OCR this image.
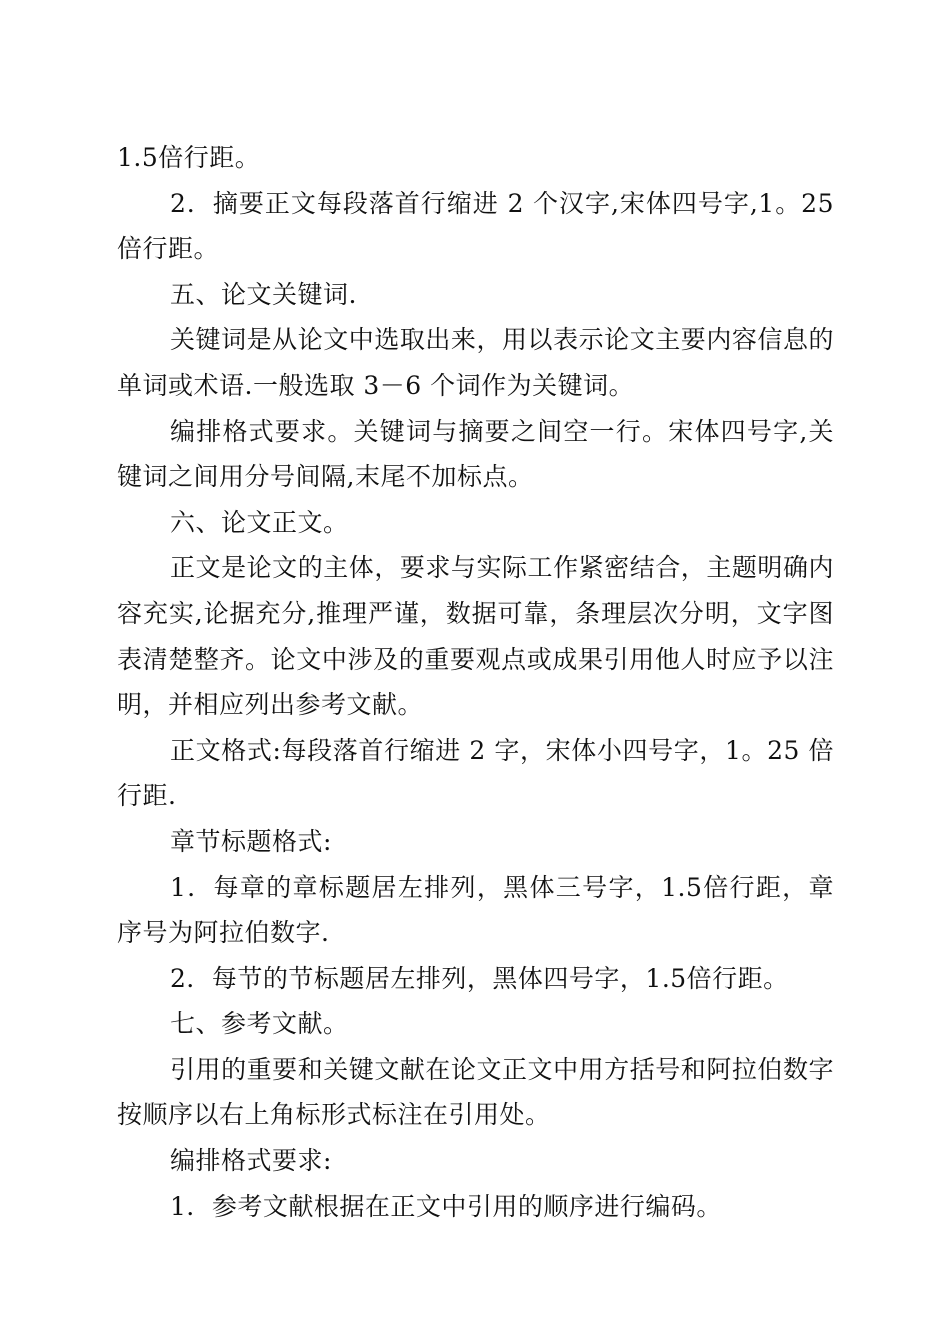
1.5倍行距。

2．摘要正文每段落首行缩进 2 个汉字,宋体四号字,1。25 倍行距。

五、论文关键词.

关键词是从论文中选取出来，用以表示论文主要内容信息的单词或术语.一般选取 3－6 个词作为关键词。

编排格式要求。关键词与摘要之间空一行。宋体四号字,关键词之间用分号间隔,末尾不加标点。

六、论文正文。

正文是论文的主体，要求与实际工作紧密结合，主题明确内容充实,论据充分,推理严谨，数据可靠，条理层次分明，文字图表清楚整齐。论文中涉及的重要观点或成果引用他人时应予以注明，并相应列出参考文献。

正文格式:每段落首行缩进 2 字，宋体小四号字，1。25 倍行距.

章节标题格式:

1．每章的章标题居左排列，黑体三号字，1.5倍行距，章序号为阿拉伯数字.

2．每节的节标题居左排列，黑体四号字，1.5倍行距。

七、参考文献。

引用的重要和关键文献在论文正文中用方括号和阿拉伯数字按顺序以右上角标形式标注在引用处。

编排格式要求:

1．参考文献根据在正文中引用的顺序进行编码。
